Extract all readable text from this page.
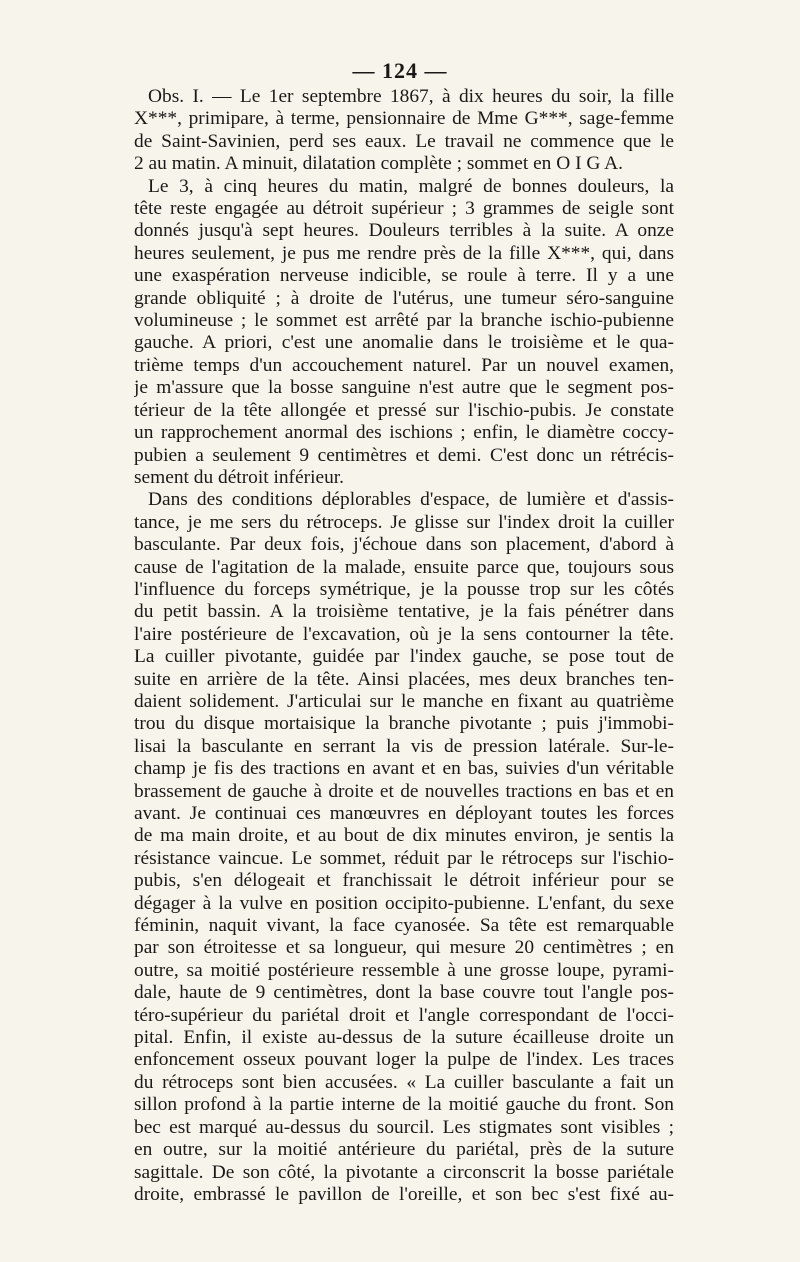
— 124 —
Obs. I. — Le 1er septembre 1867, à dix heures du soir, la fille
X***, primipare, à terme, pensionnaire de Mme G***, sage-femme
de Saint-Savinien, perd ses eaux. Le travail ne commence que le
2 au matin. A minuit, dilatation complète ; sommet en O I G A.
Le 3, à cinq heures du matin, malgré de bonnes douleurs, la
tête reste engagée au détroit supérieur ; 3 grammes de seigle sont
donnés jusqu'à sept heures. Douleurs terribles à la suite. A onze
heures seulement, je pus me rendre près de la fille X***, qui, dans
une exaspération nerveuse indicible, se roule à terre. Il y a une
grande obliquité ; à droite de l'utérus, une tumeur séro-sanguine
volumineuse ; le sommet est arrêté par la branche ischio-pubienne
gauche. A priori, c'est une anomalie dans le troisième et le qua-
trième temps d'un accouchement naturel. Par un nouvel examen,
je m'assure que la bosse sanguine n'est autre que le segment pos-
térieur de la tête allongée et pressé sur l'ischio-pubis. Je constate
un rapprochement anormal des ischions ; enfin, le diamètre coccy-
pubien a seulement 9 centimètres et demi. C'est donc un rétrécis-
sement du détroit inférieur.
Dans des conditions déplorables d'espace, de lumière et d'assis-
tance, je me sers du rétroceps. Je glisse sur l'index droit la cuiller
basculante. Par deux fois, j'échoue dans son placement, d'abord à
cause de l'agitation de la malade, ensuite parce que, toujours sous
l'influence du forceps symétrique, je la pousse trop sur les côtés
du petit bassin. A la troisième tentative, je la fais pénétrer dans
l'aire postérieure de l'excavation, où je la sens contourner la tête.
La cuiller pivotante, guidée par l'index gauche, se pose tout de
suite en arrière de la tête. Ainsi placées, mes deux branches ten-
daient solidement. J'articulai sur le manche en fixant au quatrième
trou du disque mortaisique la branche pivotante ; puis j'immobi-
lisai la basculante en serrant la vis de pression latérale. Sur-le-
champ je fis des tractions en avant et en bas, suivies d'un véritable
brassement de gauche à droite et de nouvelles tractions en bas et en
avant. Je continuai ces manœuvres en déployant toutes les forces
de ma main droite, et au bout de dix minutes environ, je sentis la
résistance vaincue. Le sommet, réduit par le rétroceps sur l'ischio-
pubis, s'en délogeait et franchissait le détroit inférieur pour se
dégager à la vulve en position occipito-pubienne. L'enfant, du sexe
féminin, naquit vivant, la face cyanosée. Sa tête est remarquable
par son étroitesse et sa longueur, qui mesure 20 centimètres ; en
outre, sa moitié postérieure ressemble à une grosse loupe, pyrami-
dale, haute de 9 centimètres, dont la base couvre tout l'angle pos-
téro-supérieur du pariétal droit et l'angle correspondant de l'occi-
pital. Enfin, il existe au-dessus de la suture écailleuse droite un
enfoncement osseux pouvant loger la pulpe de l'index. Les traces
du rétroceps sont bien accusées. « La cuiller basculante a fait un
sillon profond à la partie interne de la moitié gauche du front. Son
bec est marqué au-dessus du sourcil. Les stigmates sont visibles ;
en outre, sur la moitié antérieure du pariétal, près de la suture
sagittale. De son côté, la pivotante a circonscrit la bosse pariétale
droite, embrassé le pavillon de l'oreille, et son bec s'est fixé au-
